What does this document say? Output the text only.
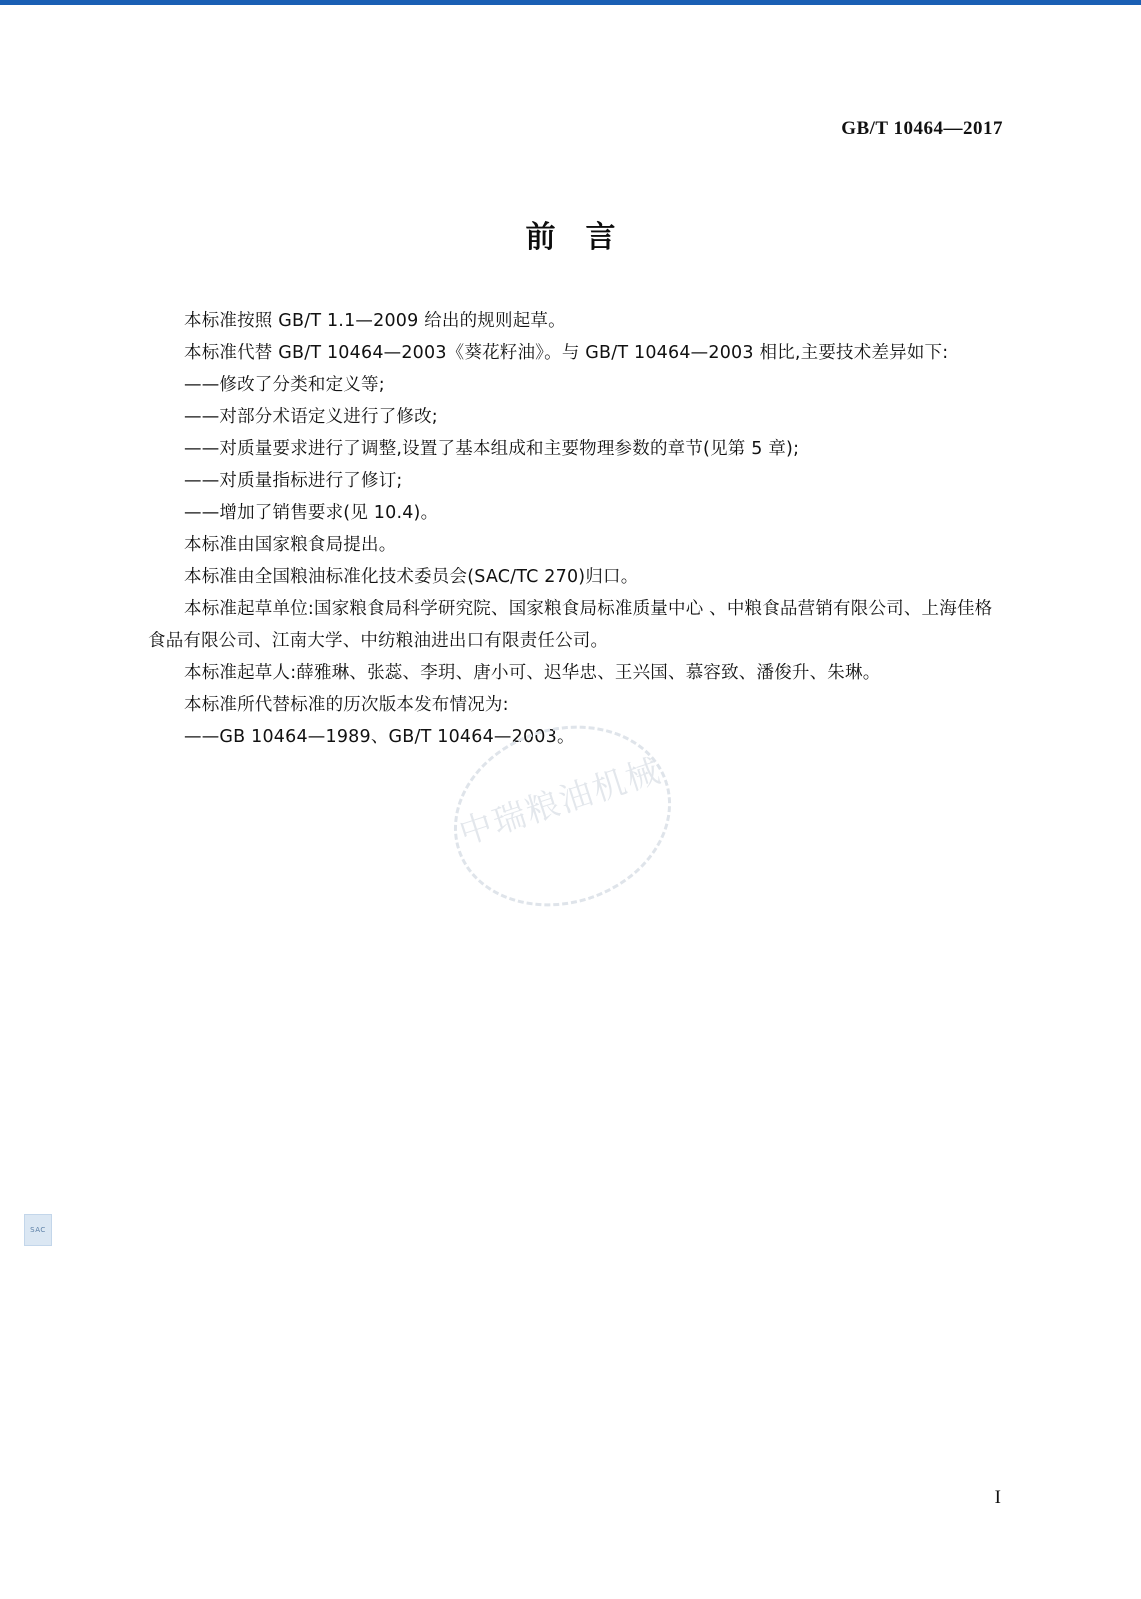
GB/T 10464—2017
前言

本标准按照 GB/T 1.1—2009 给出的规则起草。

本标准代替 GB/T 10464—2003《葵花籽油》。与 GB/T 10464—2003 相比,主要技术差异如下:

——修改了分类和定义等;

——对部分术语定义进行了修改;

——对质量要求进行了调整,设置了基本组成和主要物理参数的章节(见第 5 章);

——对质量指标进行了修订;

——增加了销售要求(见 10.4)。

本标准由国家粮食局提出。

本标准由全国粮油标准化技术委员会(SAC/TC 270)归口。

本标准起草单位:国家粮食局科学研究院、国家粮食局标准质量中心 、中粮食品营销有限公司、上海佳格食品有限公司、江南大学、中纺粮油进出口有限责任公司。

本标准起草人:薛雅琳、张蕊、李玥、唐小可、迟华忠、王兴国、慕容致、潘俊升、朱琳。

本标准所代替标准的历次版本发布情况为:

——GB 10464—1989、GB/T 10464—2003。

中瑞粮油机械
SAC
I
